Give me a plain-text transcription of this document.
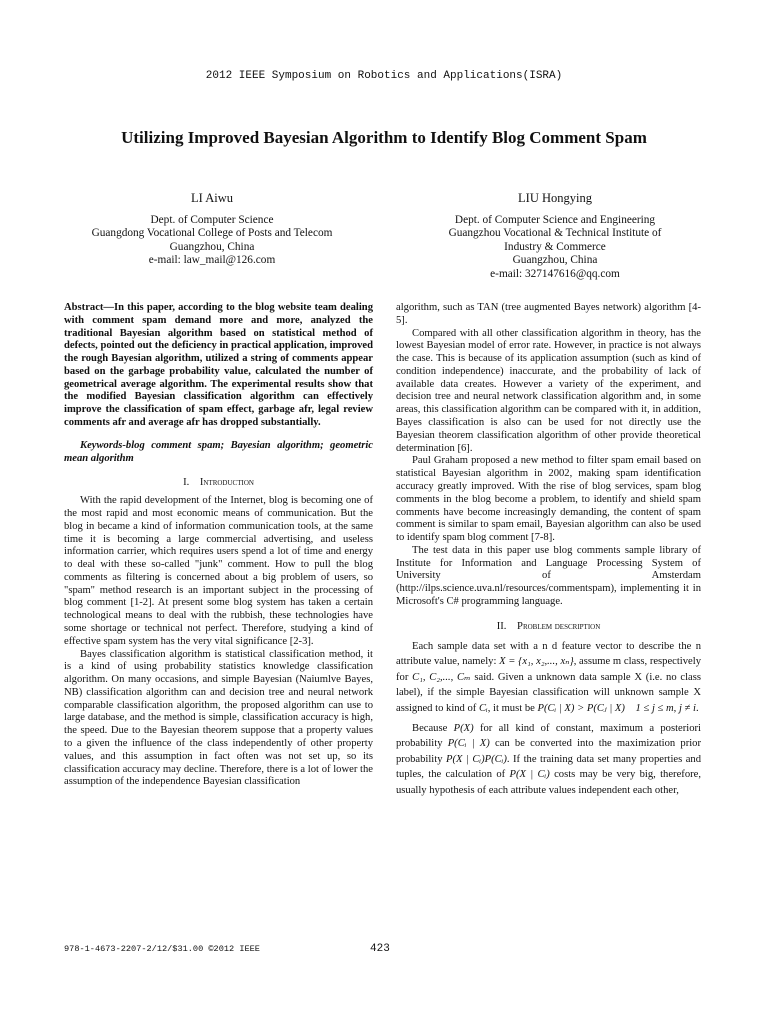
2012 IEEE Symposium on Robotics and Applications(ISRA)
Utilizing Improved Bayesian Algorithm to Identify Blog Comment Spam
LI Aiwu
Dept. of Computer Science
Guangdong Vocational College of Posts and Telecom
Guangzhou, China
e-mail: law_mail@126.com
LIU Hongying
Dept. of Computer Science and Engineering
Guangzhou Vocational & Technical Institute of
Industry & Commerce
Guangzhou, China
e-mail: 327147616@qq.com

Abstract—In this paper, according to the blog website team dealing with comment spam demand more and more, analyzed the traditional Bayesian algorithm based on statistical method of defects, pointed out the deficiency in practical application, improved the rough Bayesian algorithm, utilized a string of comments appear based on the garbage probability value, calculated the number of geometrical average algorithm. The experimental results show that the modified Bayesian classification algorithm can effectively improve the classification of spam effect, garbage afr, legal review comments afr and average afr has dropped substantially.

Keywords-blog comment spam; Bayesian algorithm; geometric mean algorithm

I. Introduction

With the rapid development of the Internet, blog is becoming one of the most rapid and most economic means of communication. But the blog in became a kind of information communication tools, at the same time it is becoming a large commercial advertising, and useless information carrier, which requires users spend a lot of time and energy to deal with these so-called "junk" comment. How to pull the blog comments as filtering is concerned about a big problem of users, so "spam" method research is an important subject in the processing of blog comment [1-2]. At present some blog system has taken a certain technological means to deal with the rubbish, these technologies have some shortage or technical not perfect. Therefore, studying a kind of effective spam system has the very vital significance [2-3].

Bayes classification algorithm is statistical classification method, it is a kind of using probability statistics knowledge classification algorithm. On many occasions, and simple Bayesian (Naiumlve Bayes, NB) classification algorithm can and decision tree and neural network comparable classification algorithm, the proposed algorithm can use to large database, and the method is simple, classification accuracy is high, the speed. Due to the Bayesian theorem suppose that a property values to a given the influence of the class independently of other property values, and this assumption in fact often was not set up, so its classification accuracy may decline. Therefore, there is a lot of lower the assumption of the independence Bayesian classification

algorithm, such as TAN (tree augmented Bayes network) algorithm [4-5].

Compared with all other classification algorithm in theory, has the lowest Bayesian model of error rate. However, in practice is not always the case. This is because of its application assumption (such as kind of condition independence) inaccurate, and the probability of lack of available data creates. However a variety of the experiment, and decision tree and neural network classification algorithm and, in some areas, this classification algorithm can be compared with it, in addition, Bayes classification is also can be used for not directly use the Bayesian theorem classification algorithm of other provide theoretical determination [6].

Paul Graham proposed a new method to filter spam email based on statistical Bayesian algorithm in 2002, making spam identification accuracy greatly improved. With the rise of blog services, spam blog comments in the blog become a problem, to identify and shield spam comments have become increasingly demanding, the content of spam comment is similar to spam email, Bayesian algorithm can also be used to identify spam blog comment [7-8].

The test data in this paper use blog comments sample library of Institute for Information and Language Processing System of University of Amsterdam (http://ilps.science.uva.nl/resources/commentspam), implementing it in Microsoft's C# programming language.

II. Problem description

Each sample data set with a n d feature vector to describe the n attribute value, namely: X = {x₁, x₂,..., xₙ}, assume m class, respectively for C₁, C₂,..., Cₘ said. Given a unknown data sample X (i.e. no class label), if the simple Bayesian classification will unknown sample X assigned to kind of Cᵢ, it must be P(Cᵢ | X) > P(Cⱼ | X) 1 ≤ j ≤ m, j ≠ i.

Because P(X) for all kind of constant, maximum a posteriori probability P(Cᵢ | X) can be converted into the maximization prior probability P(X | Cᵢ)P(Cᵢ). If the training data set many properties and tuples, the calculation of P(X | Cᵢ) costs may be very big, therefore, usually hypothesis of each attribute values independent each other,

978-1-4673-2207-2/12/$31.00 ©2012 IEEE	423
